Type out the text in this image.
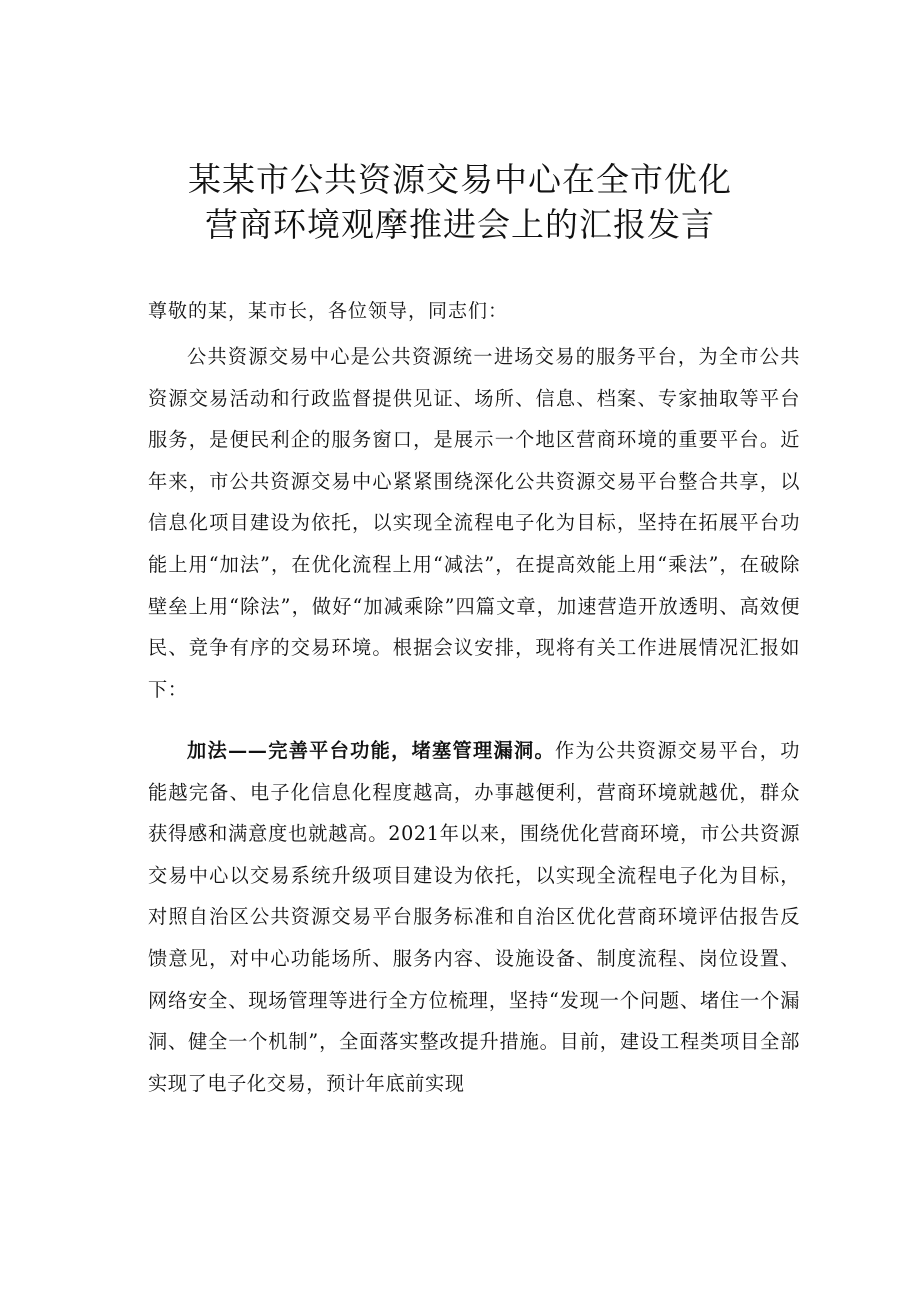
某某市公共资源交易中心在全市优化
营商环境观摩推进会上的汇报发言
尊敬的某，某市长，各位领导，同志们：

公共资源交易中心是公共资源统一进场交易的服务平台，为全市公共资源交易活动和行政监督提供见证、场所、信息、档案、专家抽取等平台服务，是便民利企的服务窗口，是展示一个地区营商环境的重要平台。近年来，市公共资源交易中心紧紧围绕深化公共资源交易平台整合共享，以信息化项目建设为依托，以实现全流程电子化为目标，坚持在拓展平台功能上用“加法”，在优化流程上用“减法”，在提高效能上用“乘法”，在破除壁垒上用“除法”，做好“加减乘除”四篇文章，加速营造开放透明、高效便民、竞争有序的交易环境。根据会议安排，现将有关工作进展情况汇报如下：

加法——完善平台功能，堵塞管理漏洞。作为公共资源交易平台，功能越完备、电子化信息化程度越高，办事越便利，营商环境就越优，群众获得感和满意度也就越高。2021年以来，围绕优化营商环境，市公共资源交易中心以交易系统升级项目建设为依托，以实现全流程电子化为目标，对照自治区公共资源交易平台服务标准和自治区优化营商环境评估报告反馈意见，对中心功能场所、服务内容、设施设备、制度流程、岗位设置、网络安全、现场管理等进行全方位梳理，坚持“发现一个问题、堵住一个漏洞、健全一个机制”，全面落实整改提升措施。目前，建设工程类项目全部实现了电子化交易，预计年底前实现
